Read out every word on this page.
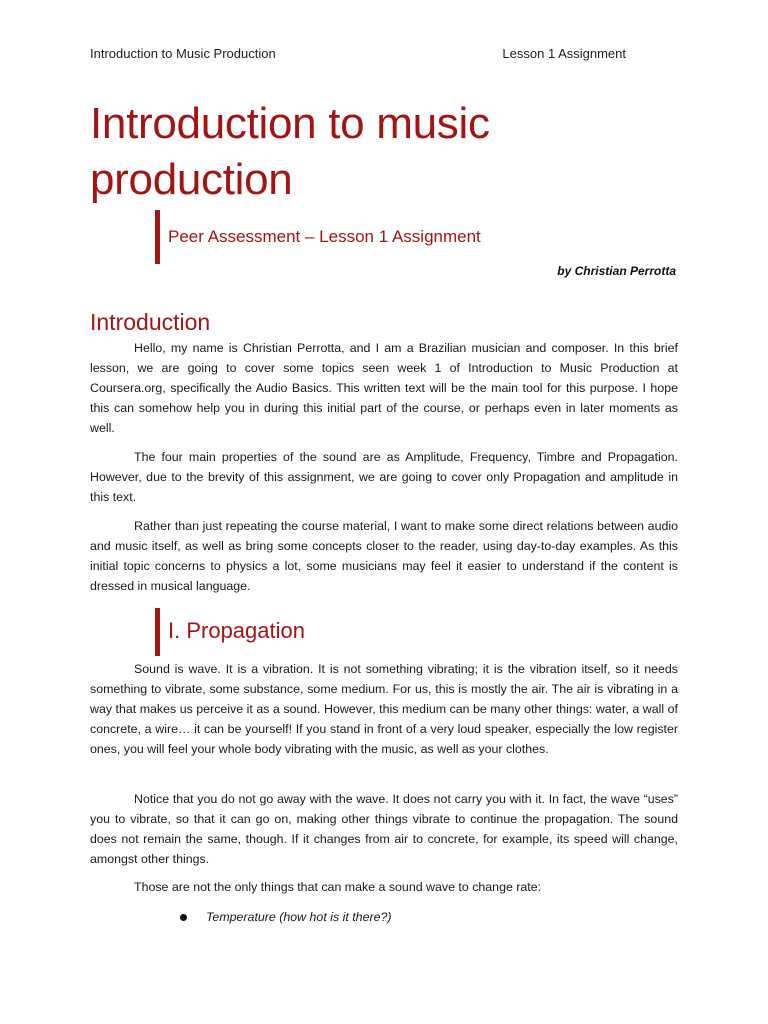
Introduction to Music Production	Lesson 1 Assignment
Introduction to music
production
Peer Assessment – Lesson 1 Assignment
by Christian Perrotta
Introduction

Hello, my name is Christian Perrotta, and I am a Brazilian musician and composer. In this brief lesson, we are going to cover some topics seen week 1 of Introduction to Music Production at Coursera.org, specifically the Audio Basics. This written text will be the main tool for this purpose. I hope this can somehow help you in during this initial part of the course, or perhaps even in later moments as well.

The four main properties of the sound are as Amplitude, Frequency, Timbre and Propagation. However, due to the brevity of this assignment, we are going to cover only Propagation and amplitude in this text.

Rather than just repeating the course material, I want to make some direct relations between audio and music itself, as well as bring some concepts closer to the reader, using day-to-day examples. As this initial topic concerns to physics a lot, some musicians may feel it easier to understand if the content is dressed in musical language.

I. Propagation

Sound is wave. It is a vibration. It is not something vibrating; it is the vibration itself, so it needs something to vibrate, some substance, some medium. For us, this is mostly the air. The air is vibrating in a way that makes us perceive it as a sound. However, this medium can be many other things: water, a wall of concrete, a wire… it can be yourself! If you stand in front of a very loud speaker, especially the low register ones, you will feel your whole body vibrating with the music, as well as your clothes.

Notice that you do not go away with the wave. It does not carry you with it. In fact, the wave “uses” you to vibrate, so that it can go on, making other things vibrate to continue the propagation. The sound does not remain the same, though. If it changes from air to concrete, for example, its speed will change, amongst other things.

Those are not the only things that can make a sound wave to change rate:

Temperature (how hot is it there?)
